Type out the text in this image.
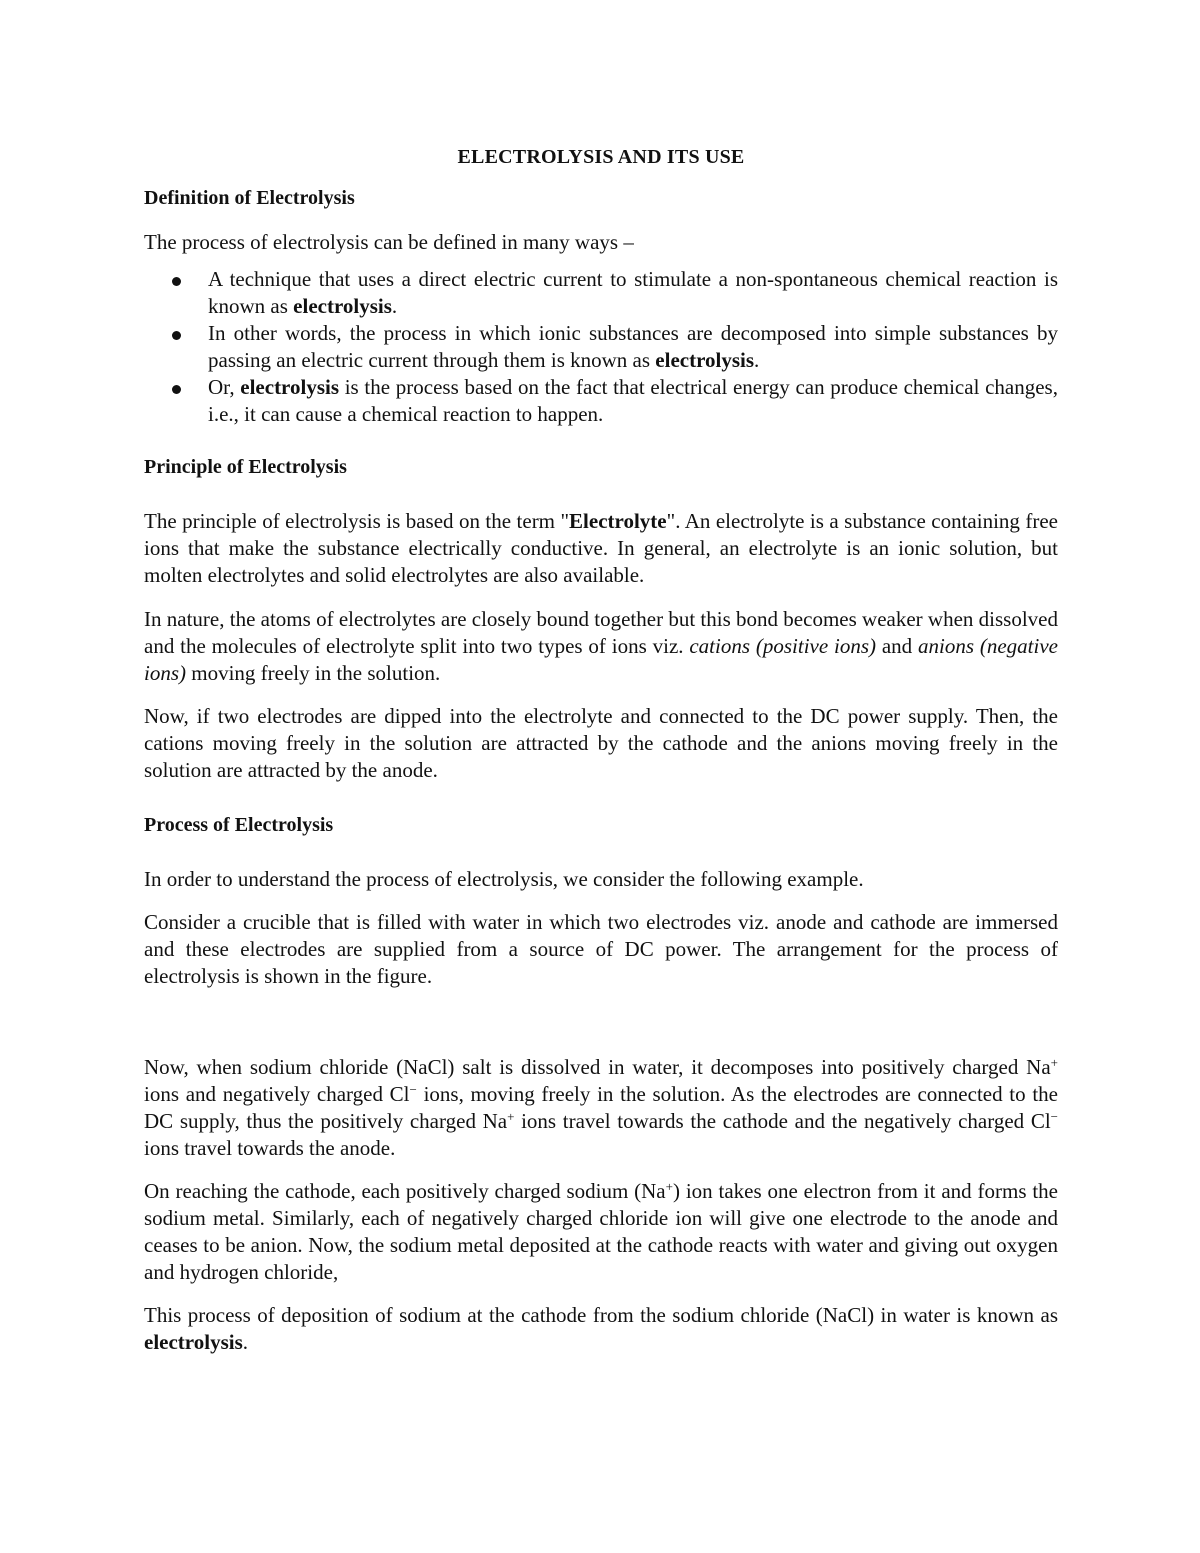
ELECTROLYSIS AND ITS USE
Definition of Electrolysis

The process of electrolysis can be defined in many ways –

A technique that uses a direct electric current to stimulate a non-spontaneous chemical reaction is known as electrolysis.
In other words, the process in which ionic substances are decomposed into simple substances by passing an electric current through them is known as electrolysis.
Or, electrolysis is the process based on the fact that electrical energy can produce chemical changes, i.e., it can cause a chemical reaction to happen.
Principle of Electrolysis

The principle of electrolysis is based on the term "Electrolyte". An electrolyte is a substance containing free ions that make the substance electrically conductive. In general, an electrolyte is an ionic solution, but molten electrolytes and solid electrolytes are also available.

In nature, the atoms of electrolytes are closely bound together but this bond becomes weaker when dissolved and the molecules of electrolyte split into two types of ions viz. cations (positive ions) and anions (negative ions) moving freely in the solution.

Now, if two electrodes are dipped into the electrolyte and connected to the DC power supply. Then, the cations moving freely in the solution are attracted by the cathode and the anions moving freely in the solution are attracted by the anode.

Process of Electrolysis

In order to understand the process of electrolysis, we consider the following example.

Consider a crucible that is filled with water in which two electrodes viz. anode and cathode are immersed and these electrodes are supplied from a source of DC power. The arrangement for the process of electrolysis is shown in the figure.

Now, when sodium chloride (NaCl) salt is dissolved in water, it decomposes into positively charged Na+ ions and negatively charged Cl− ions, moving freely in the solution. As the electrodes are connected to the DC supply, thus the positively charged Na+ ions travel towards the cathode and the negatively charged Cl− ions travel towards the anode.

On reaching the cathode, each positively charged sodium (Na+) ion takes one electron from it and forms the sodium metal. Similarly, each of negatively charged chloride ion will give one electrode to the anode and ceases to be anion. Now, the sodium metal deposited at the cathode reacts with water and giving out oxygen and hydrogen chloride,

This process of deposition of sodium at the cathode from the sodium chloride (NaCl) in water is known as electrolysis.
